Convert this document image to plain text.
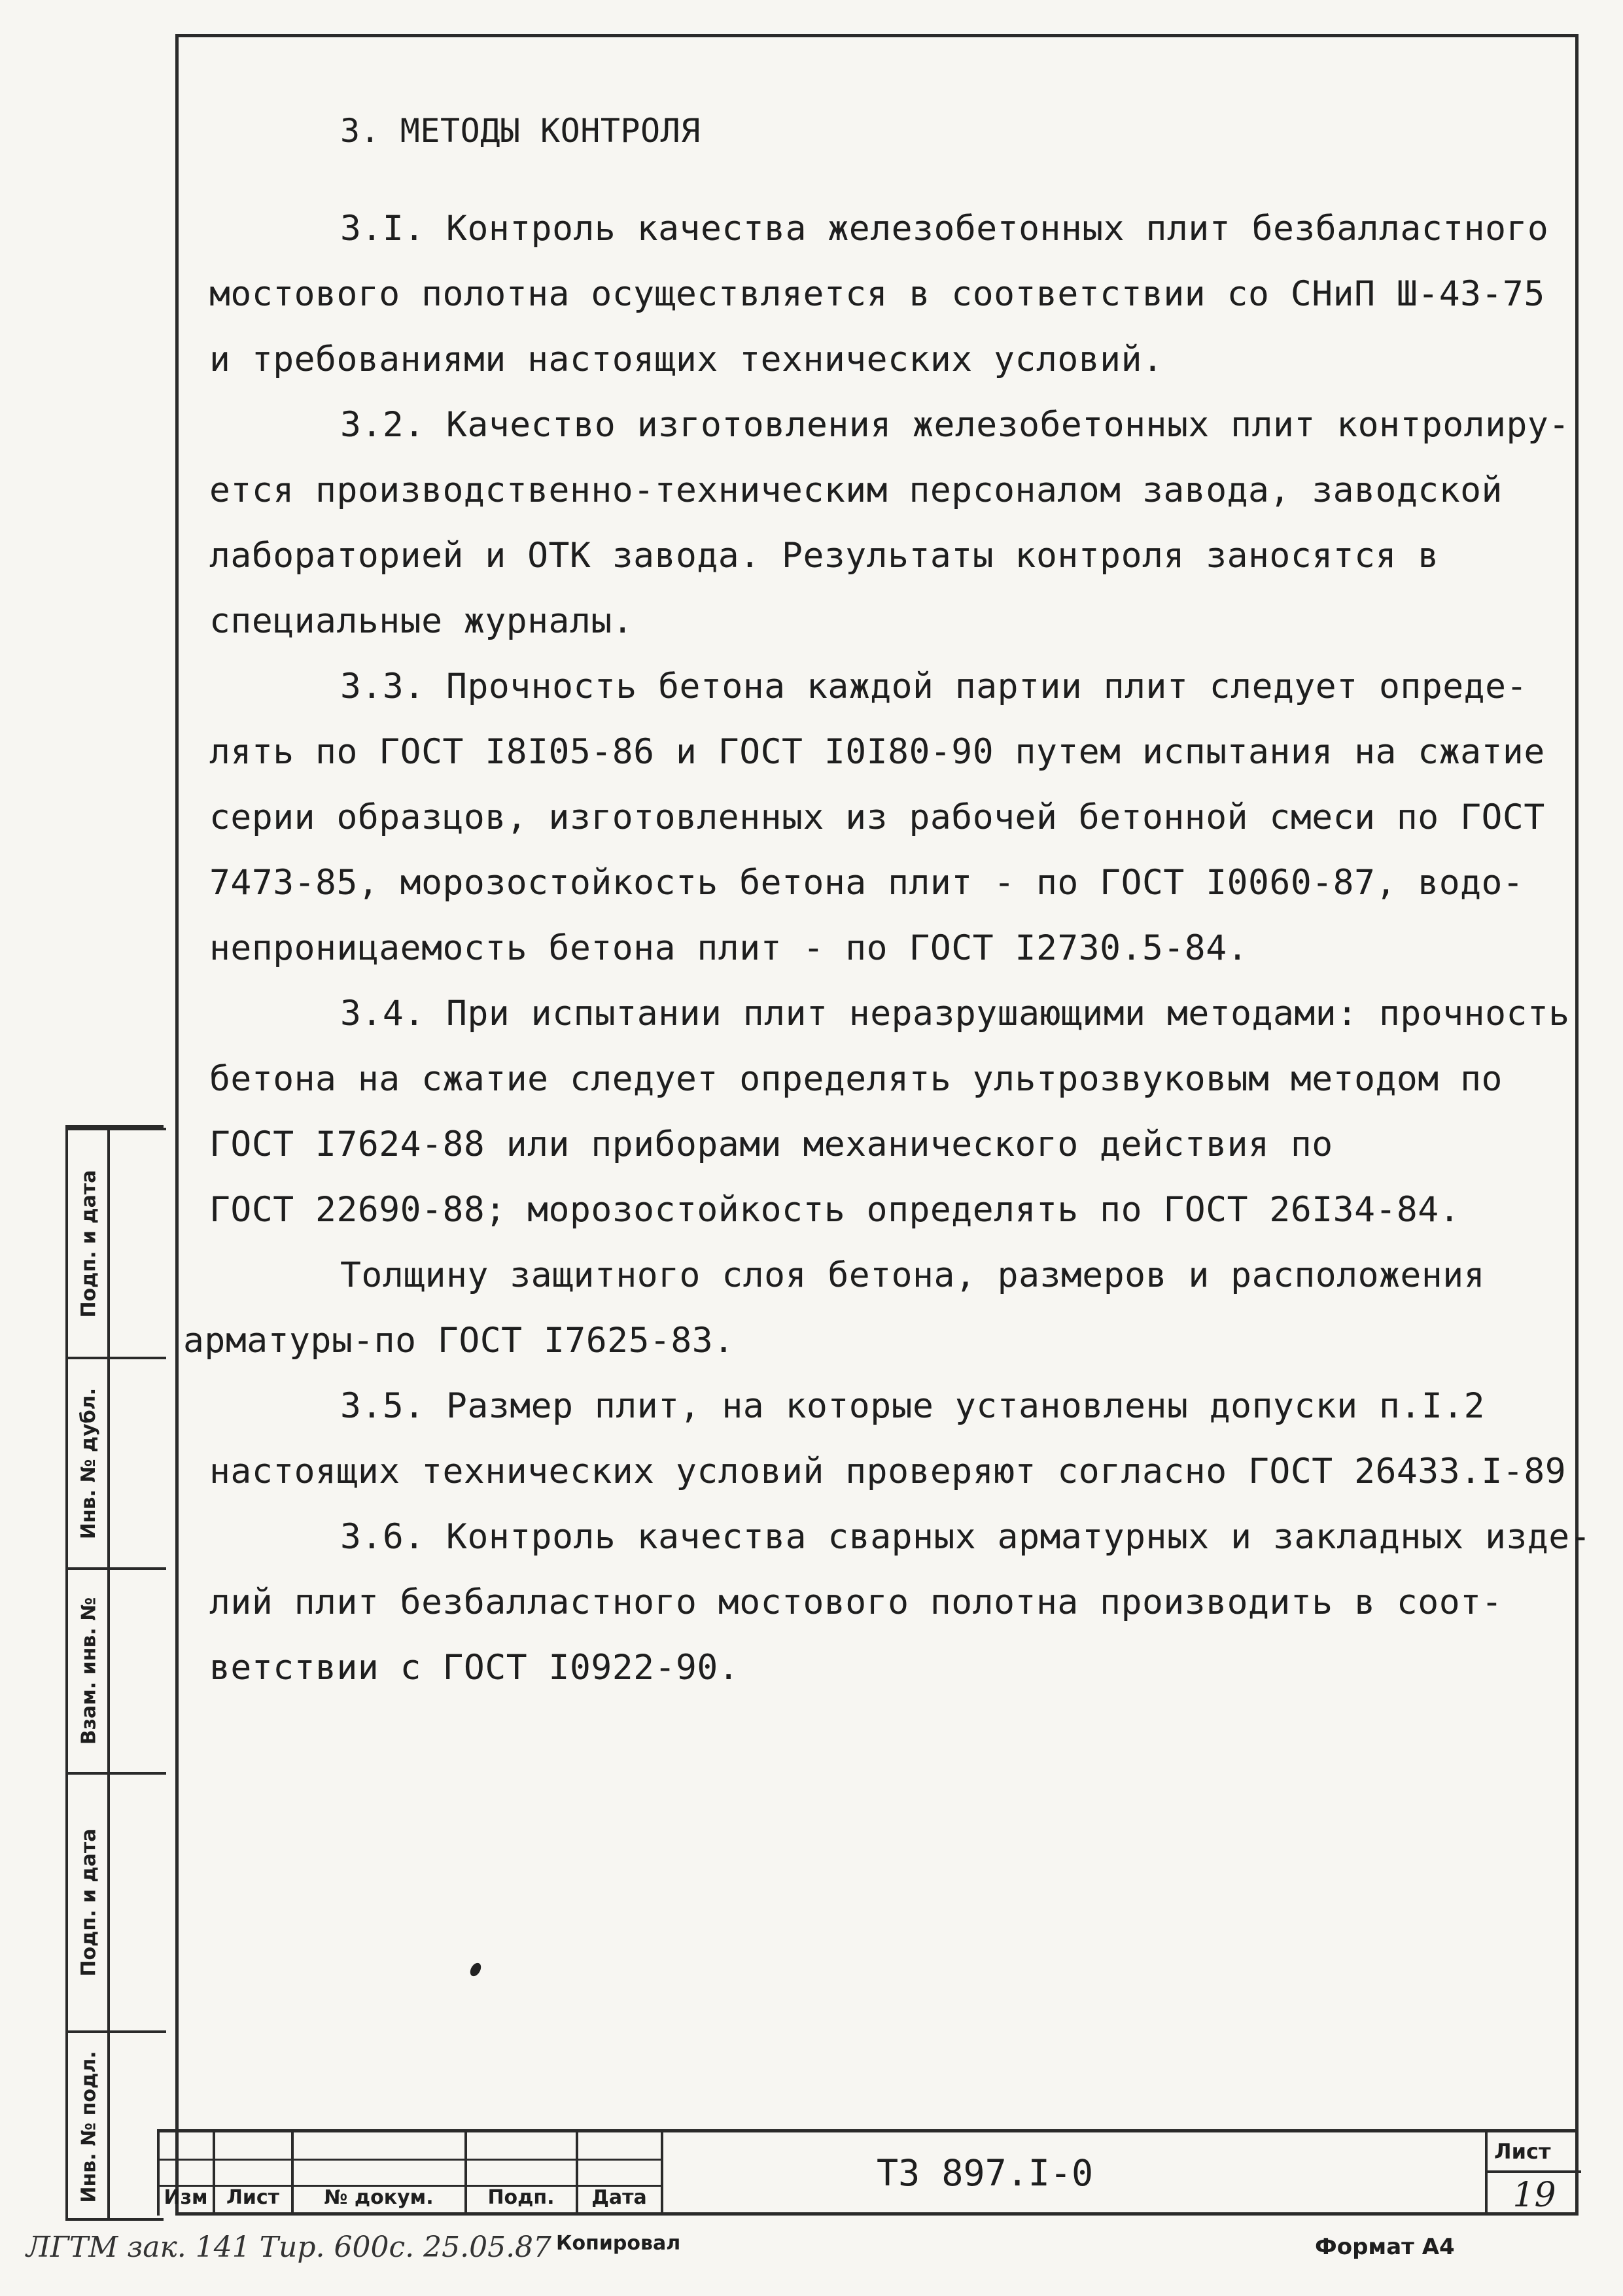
3. МЕТОДЫ КОНТРОЛЯ

3.I. Контроль качества железобетонных плит безбалластного

мостового полотна осуществляется в соответствии со СНиП Ш-43-75

и требованиями настоящих технических условий.

3.2. Качество изготовления железобетонных плит контролиру-

ется производственно-техническим персоналом завода, заводской

лабораторией и ОТК завода. Результаты контроля заносятся в

специальные журналы.

3.3. Прочность бетона каждой партии плит следует опреде-

лять по ГОСТ I8I05-86 и ГОСТ I0I80-90 путем испытания на сжатие

серии образцов, изготовленных из рабочей бетонной смеси по ГОСТ

7473-85, морозостойкость бетона плит - по ГОСТ I0060-87, водо-

непроницаемость бетона плит - по ГОСТ I2730.5-84.

3.4. При испытании плит неразрушающими методами: прочность

бетона на сжатие следует определять ультрозвуковым методом по

ГОСТ I7624-88 или приборами механического действия по

ГОСТ 22690-88; морозостойкость определять по ГОСТ 26I34-84.

Толщину защитного слоя бетона, размеров и расположения

арматуры-по ГОСТ I7625-83.

3.5. Размер плит, на которые установлены допуски п.I.2

настоящих технических условий проверяют согласно ГОСТ 26433.I-89

3.6. Контроль качества сварных арматурных и закладных изде-

лий плит безбалластного мостового полотна производить в соот-

ветствии с ГОСТ I0922-90.

Подп. и дата
Инв. № дубл.
Взам. инв. №
Подп. и дата
Инв. № подл.	Изм Лист	№ докум.	Подп.	Дата
ТЗ 897.I-0
Лист
19
ЛГТМ зак. 141 Тир. 600с. 25.05.87 Копировал	Формат А4
